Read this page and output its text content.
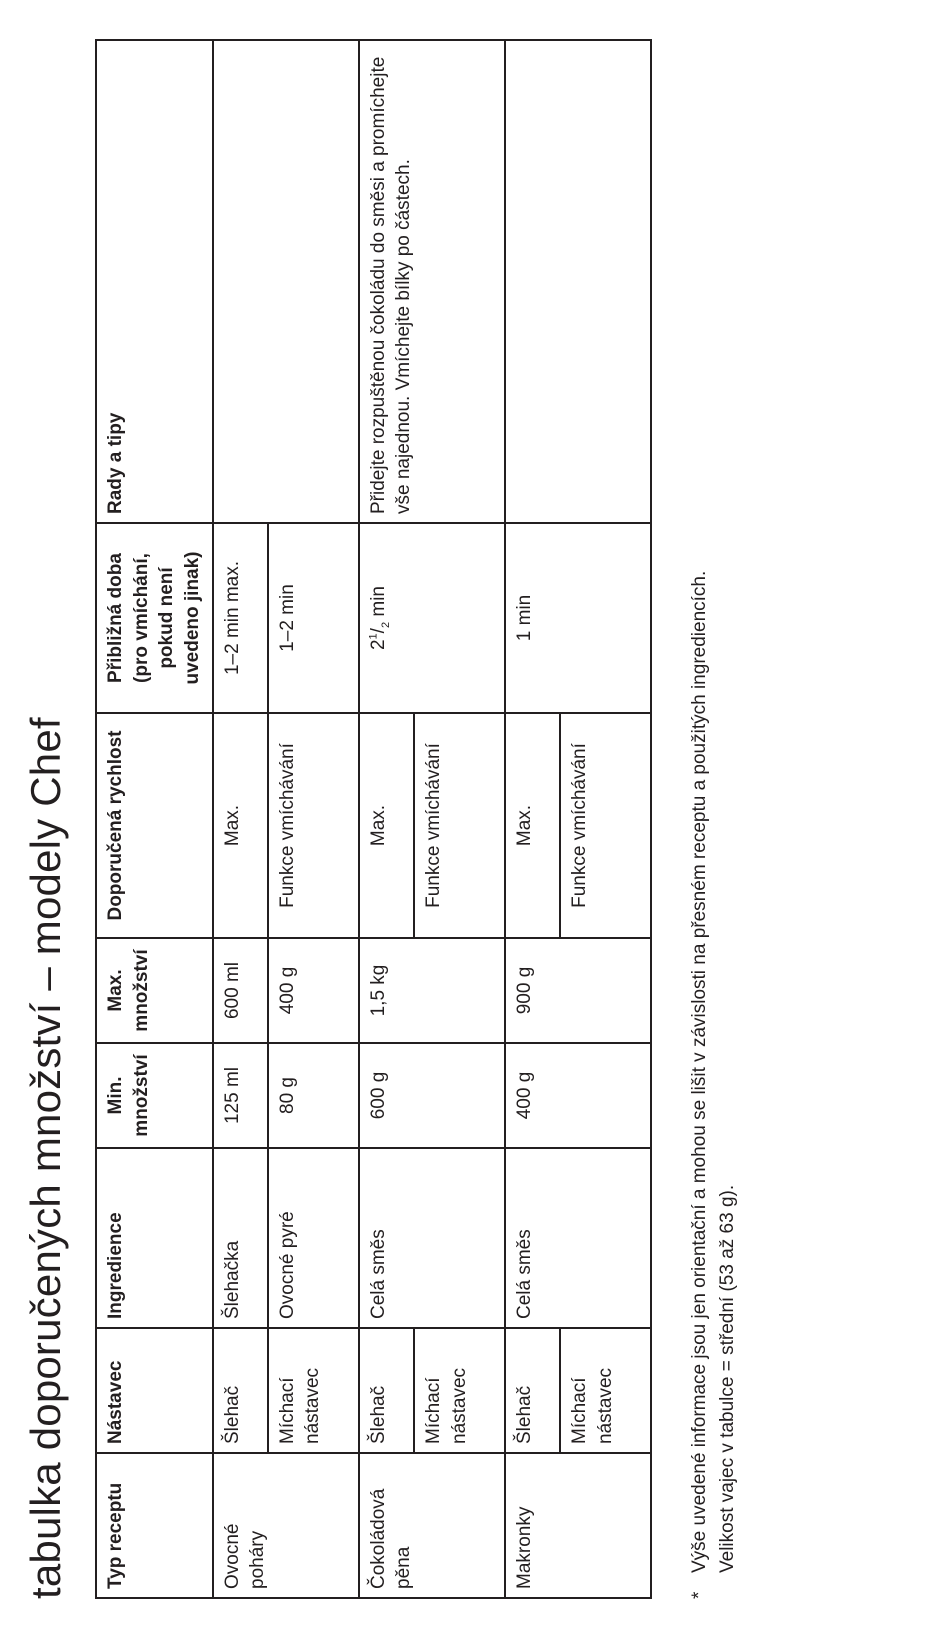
tabulka doporučených množství – modely Chef Typ receptu	Nástavec	Ingredience	Min. množství	Max. množství	Doporučená rychlost	Přibližná doba (pro vmíchání, pokud není uvedeno jinak)	Rady a tipy
Ovocné poháry	Šlehač	Šlehačka	125 ml	600 ml	Max.	1–2 min max.	
	Míchací nástavec	Ovocné pyré	80 g	400 g	Funkce vmíchávání	1–2 min	
Čokoládová pěna	Šlehač	Celá směs	600 g	1,5 kg	Max.	$2^1/_2$ min	Přidejte rozpuštěnou čokoládu do směsi a promíchejte vše najednou. Vmíchejte bílky po částech.
	Míchací nástavec				Funkce vmíchávání		
Makronky	Šlehač	Celá směs	400 g	900 g	Max.	1 min	
	Míchací nástavec				Funkce vmíchávání		

*Výše uvedené informace jsou jen orientační a mohou se lišit v závislosti na přesném receptu a použitých ingrediencích. Velikost vajec v tabulce = střední (53 až 63 g).
